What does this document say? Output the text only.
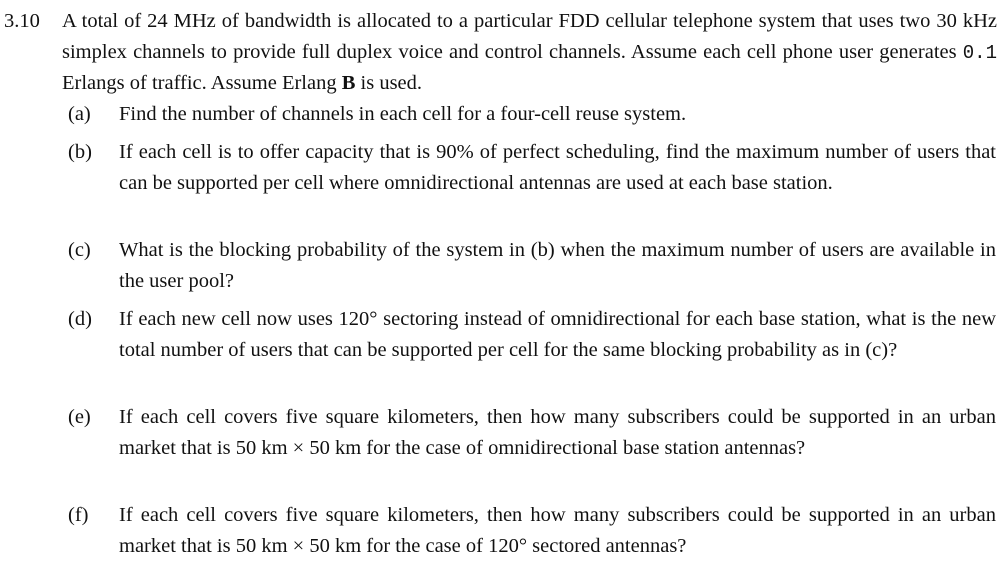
3.10 A total of 24 MHz of bandwidth is allocated to a particular FDD cellular telephone system that uses two 30 kHz simplex channels to provide full duplex voice and control channels. Assume each cell phone user generates 0.1 Erlangs of traffic. Assume Erlang B is used.
(a) Find the number of channels in each cell for a four-cell reuse system.
(b) If each cell is to offer capacity that is 90% of perfect scheduling, find the maximum number of users that can be supported per cell where omnidirectional antennas are used at each base station.
(c) What is the blocking probability of the system in (b) when the maximum number of users are available in the user pool?
(d) If each new cell now uses 120° sectoring instead of omnidirectional for each base station, what is the new total number of users that can be supported per cell for the same blocking probability as in (c)?
(e) If each cell covers five square kilometers, then how many subscribers could be supported in an urban market that is 50 km × 50 km for the case of omnidirectional base station antennas?
(f) If each cell covers five square kilometers, then how many subscribers could be supported in an urban market that is 50 km × 50 km for the case of 120° sectored antennas?
